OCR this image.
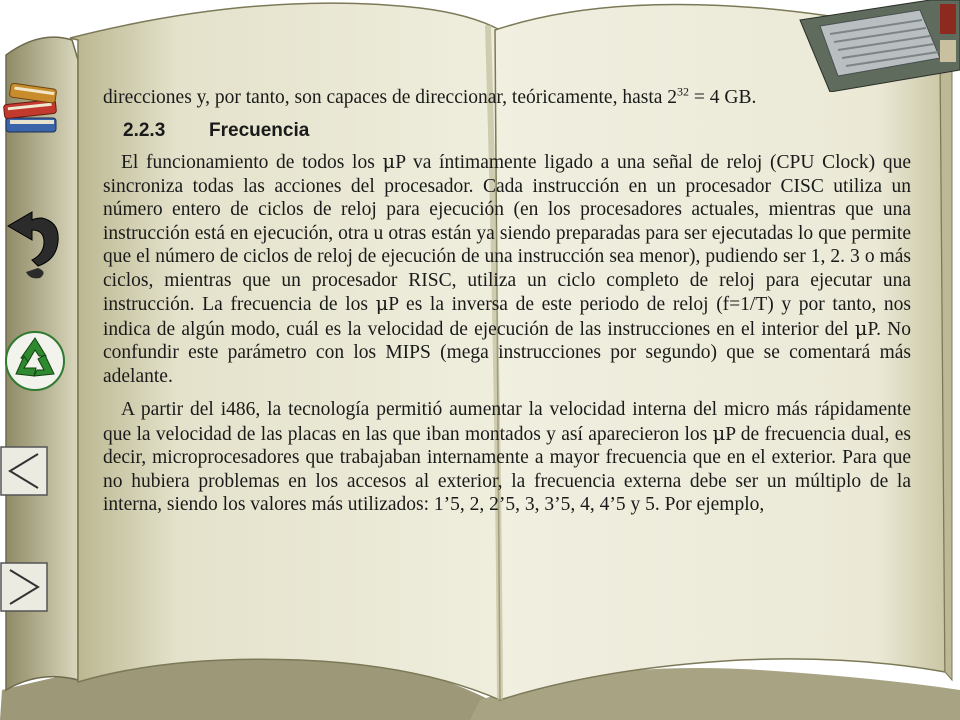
direcciones y, por tanto, son capaces de direccionar, teóricamente, hasta $2^{32} = 4$ GB.

2.2.3	Frecuencia

El funcionamiento de todos los μP va íntimamente ligado a una señal de reloj (CPU Clock) que sincroniza todas las acciones del procesador. Cada instrucción en un procesador CISC utiliza un número entero de ciclos de reloj para ejecución (en los procesadores actuales, mientras que una instrucción está en ejecución, otra u otras están ya siendo preparadas para ser ejecutadas lo que permite que el número de ciclos de reloj de ejecución de una instrucción sea menor), pudiendo ser 1, 2. 3 o más ciclos, mientras que un procesador RISC, utiliza un ciclo completo de reloj para ejecutar una instrucción. La frecuencia de los μP es la inversa de este periodo de reloj (f=1/T) y por tanto, nos indica de algún modo, cuál es la velocidad de ejecución de las instrucciones en el interior del μP. No confundir este parámetro con los MIPS (mega instrucciones por segundo) que se comentará más adelante.

A partir del i486, la tecnología permitió aumentar la velocidad interna del micro más rápidamente que la velocidad de las placas en las que iban montados y así aparecieron los μP de frecuencia dual, es decir, microprocesadores que trabajaban internamente a mayor frecuencia que en el exterior. Para que no hubiera problemas en los accesos al exterior, la frecuencia externa debe ser un múltiplo de la interna, siendo los valores más utilizados: 1’5, 2, 2’5, 3, 3’5, 4, 4’5 y 5. Por ejemplo,
